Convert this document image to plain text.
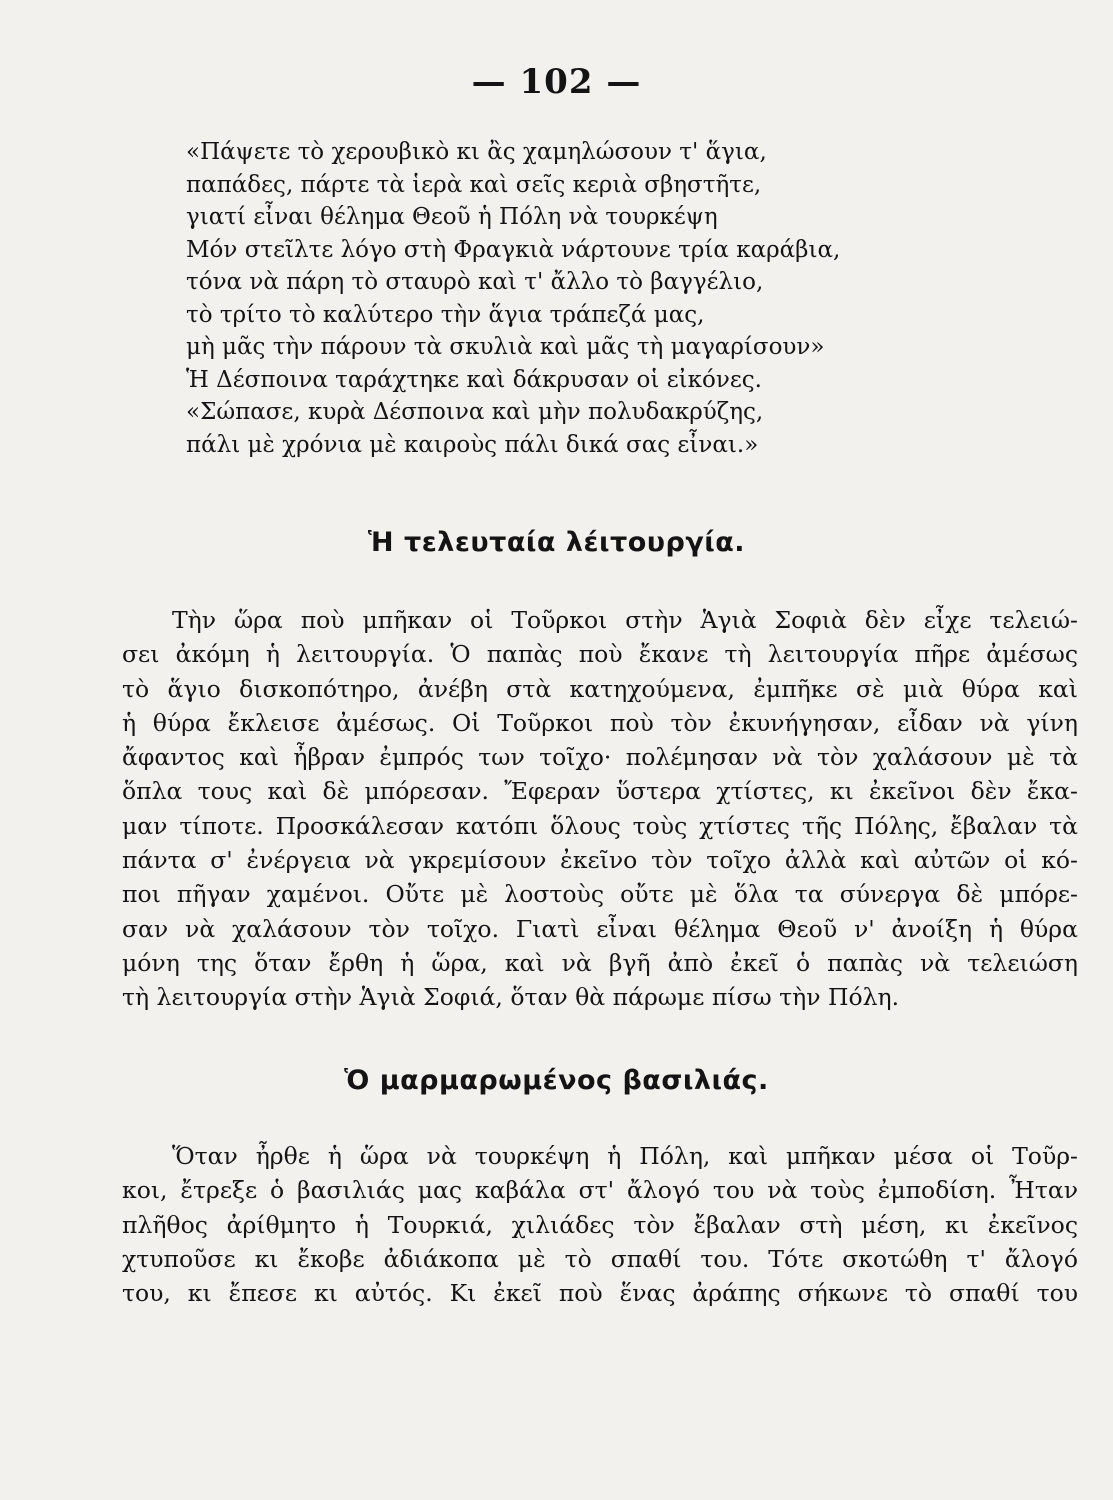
— 102 —
«Πάψετε τὸ χερουβικὸ κι ἂς χαμηλώσουν τ' ἅγια,
παπάδες, πάρτε τὰ ἱερὰ καὶ σεῖς κεριὰ σβηστῆτε,
γιατί εἶναι θέλημα Θεοῦ ἡ Πόλη νὰ τουρκέψη
Μόν στεῖλτε λόγο στὴ Φραγκιὰ νάρτουνε τρία καράβια,
τόνα νὰ πάρη τὸ σταυρὸ καὶ τ' ἄλλο τὸ βαγγέλιο,
τὸ τρίτο τὸ καλύτερο τὴν ἅγια τράπεζά μας,
μὴ μᾶς τὴν πάρουν τὰ σκυλιὰ καὶ μᾶς τὴ μαγαρίσουν»
Ἡ Δέσποινα ταράχτηκε καὶ δάκρυσαν οἱ εἰκόνες.
«Σώπασε, κυρὰ Δέσποινα καὶ μὴν πολυδακρύζης,
πάλι μὲ χρόνια μὲ καιροὺς πάλι δικά σας εἶναι.»
Ἡ τελευταία λέιτουργία.
Τὴν ὥρα ποὺ μπῆκαν οἱ Τοῦρκοι στὴν Ἁγιὰ Σοφιὰ δὲν εἶχε τελειώ-
σει ἀκόμη ἡ λειτουργία. Ὁ παπὰς ποὺ ἔκανε τὴ λειτουργία πῆρε ἀμέσως
τὸ ἅγιο δισκοπότηρο, ἀνέβη στὰ κατηχούμενα, ἐμπῆκε σὲ μιὰ θύρα καὶ
ἡ θύρα ἔκλεισε ἀμέσως. Οἱ Τοῦρκοι ποὺ τὸν ἐκυνήγησαν, εἶδαν νὰ γίνη
ἄφαντος καὶ ἦβραν ἐμπρός των τοῖχο· πολέμησαν νὰ τὸν χαλάσουν μὲ τὰ
ὅπλα τους καὶ δὲ μπόρεσαν. Ἔφεραν ὕστερα χτίστες, κι ἐκεῖνοι δὲν ἔκα-
μαν τίποτε. Προσκάλεσαν κατόπι ὅλους τοὺς χτίστες τῆς Πόλης, ἔβαλαν τὰ
πάντα σ' ἐνέργεια νὰ γκρεμίσουν ἐκεῖνο τὸν τοῖχο ἀλλὰ καὶ αὐτῶν οἱ κό-
ποι πῆγαν χαμένοι. Οὔτε μὲ λοστοὺς οὔτε μὲ ὅλα τα σύνεργα δὲ μπόρε-
σαν νὰ χαλάσουν τὸν τοῖχο. Γιατὶ εἶναι θέλημα Θεοῦ ν' ἀνοίξη ἡ θύρα
μόνη της ὅταν ἔρθη ἡ ὥρα, καὶ νὰ βγῆ ἀπὸ ἐκεῖ ὁ παπὰς νὰ τελειώση
τὴ λειτουργία στὴν Ἁγιὰ Σοφιά, ὅταν θὰ πάρωμε πίσω τὴν Πόλη.
Ὁ μαρμαρωμένος βασιλιάς.
Ὅταν ἦρθε ἡ ὥρα νὰ τουρκέψη ἡ Πόλη, καὶ μπῆκαν μέσα οἱ Τοῦρ-
κοι, ἔτρεξε ὁ βασιλιάς μας καβάλα στ' ἄλογό του νὰ τοὺς ἐμποδίση. Ἦταν
πλῆθος ἀρίθμητο ἡ Τουρκιά, χιλιάδες τὸν ἔβαλαν στὴ μέση, κι ἐκεῖνος
χτυποῦσε κι ἔκοβε ἀδιάκοπα μὲ τὸ σπαθί του. Τότε σκοτώθη τ' ἄλογό
του, κι ἔπεσε κι αὐτός. Κι ἐκεῖ ποὺ ἕνας ἀράπης σήκωνε τὸ σπαθί του
